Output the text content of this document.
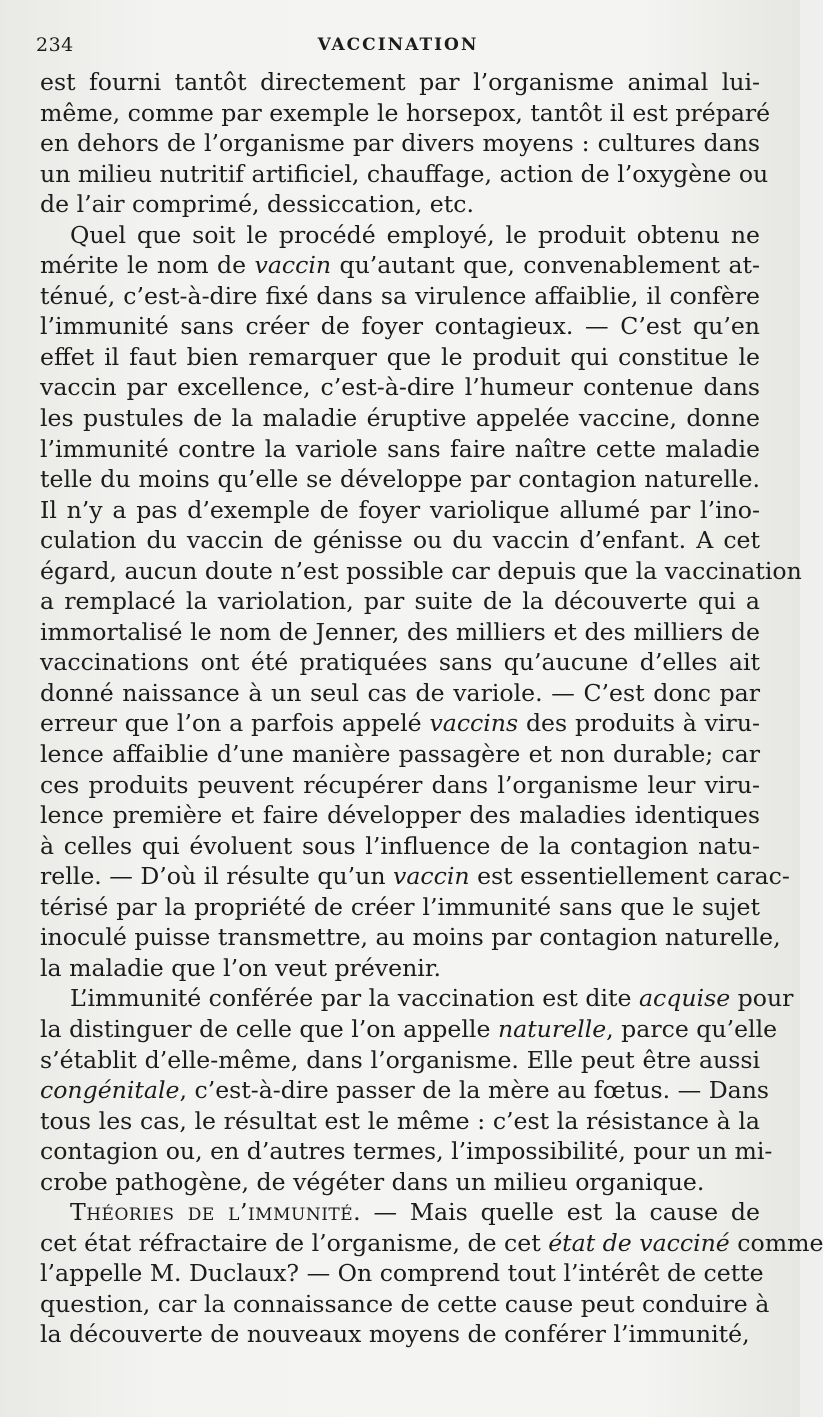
234	VACCINATION
est fourni tantôt directement par l’organisme animal lui-
même, comme par exemple le horsepox, tantôt il est préparé
en dehors de l’organisme par divers moyens : cultures dans
un milieu nutritif artificiel, chauffage, action de l’oxygène ou
de l’air comprimé, dessiccation, etc.
Quel que soit le procédé employé, le produit obtenu ne
mérite le nom de vaccin qu’autant que, convenablement at-
ténué, c’est-à-dire fixé dans sa virulence affaiblie, il confère
l’immunité sans créer de foyer contagieux. — C’est qu’en
effet il faut bien remarquer que le produit qui constitue le
vaccin par excellence, c’est-à-dire l’humeur contenue dans
les pustules de la maladie éruptive appelée vaccine, donne
l’immunité contre la variole sans faire naître cette maladie
telle du moins qu’elle se développe par contagion naturelle.
Il n’y a pas d’exemple de foyer variolique allumé par l’ino-
culation du vaccin de génisse ou du vaccin d’enfant. A cet
égard, aucun doute n’est possible car depuis que la vaccination
a remplacé la variolation, par suite de la découverte qui a
immortalisé le nom de Jenner, des milliers et des milliers de
vaccinations ont été pratiquées sans qu’aucune d’elles ait
donné naissance à un seul cas de variole. — C’est donc par
erreur que l’on a parfois appelé vaccins des produits à viru-
lence affaiblie d’une manière passagère et non durable; car
ces produits peuvent récupérer dans l’organisme leur viru-
lence première et faire développer des maladies identiques
à celles qui évoluent sous l’influence de la contagion natu-
relle. — D’où il résulte qu’un vaccin est essentiellement carac-
térisé par la propriété de créer l’immunité sans que le sujet
inoculé puisse transmettre, au moins par contagion naturelle,
la maladie que l’on veut prévenir.
L’immunité conférée par la vaccination est dite acquise pour
la distinguer de celle que l’on appelle naturelle, parce qu’elle
s’établit d’elle-même, dans l’organisme. Elle peut être aussi
congénitale, c’est-à-dire passer de la mère au fœtus. — Dans
tous les cas, le résultat est le même : c’est la résistance à la
contagion ou, en d’autres termes, l’impossibilité, pour un mi-
crobe pathogène, de végéter dans un milieu organique.
Théories de l’immunité. — Mais quelle est la cause de
cet état réfractaire de l’organisme, de cet état de vacciné comme
l’appelle M. Duclaux? — On comprend tout l’intérêt de cette
question, car la connaissance de cette cause peut conduire à
la découverte de nouveaux moyens de conférer l’immunité,
